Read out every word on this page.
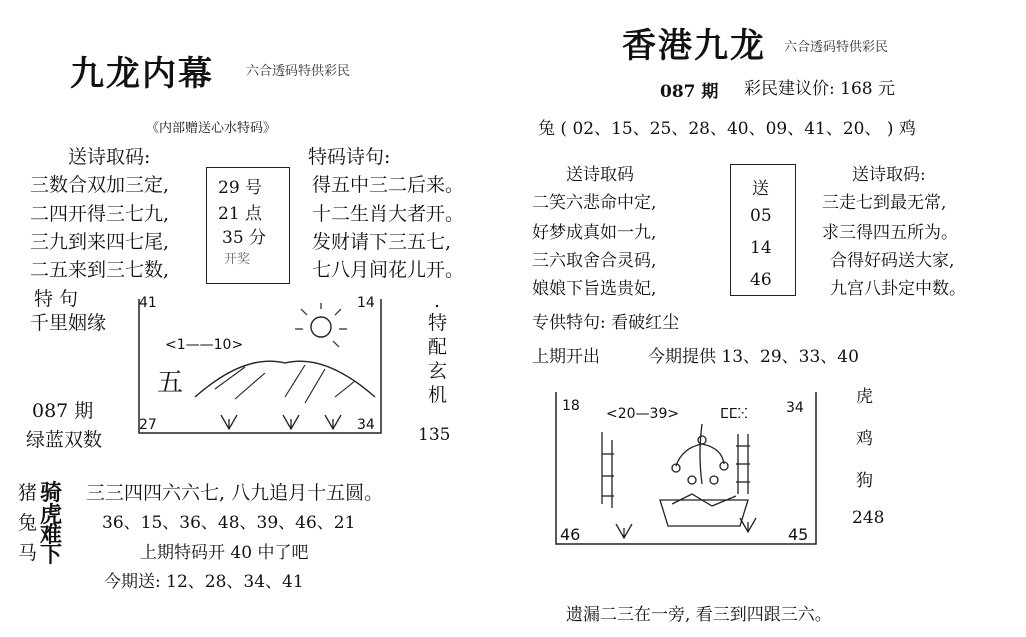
九龙内幕 六合透码特供彩民
《内部赠送心水特码》
送诗取码:
三数合双加三定,
二四开得三七九,
三九到来四七尾,
二五来到三七数,
29 号
21 点
35 分
开奖
特码诗句:
得五中三二后来。
十二生肖大者开。
发财请下三五七,
七八月间花儿开。
特 句
千里姻缘
41	14
<1——10>
五
27	34
.
特
配
玄
机
087 期
绿蓝双数	135
猪
兔
马
骑
虎
难
下
三三四四六六七, 八九追月十五圆。
36、15、36、48、39、46、21
上期特码开 40 中了吧
今期送: 12、28、34、41
香港九龙 六合透码特供彩民
087 期 彩民建议价: 168 元
兔 ( 02、15、25、28、40、09、41、20、 ) 鸡
送诗取码
二笑六悲命中定,
好梦成真如一九,
三六取舍合灵码,
娘娘下旨选贵妃,
送
05
14
46
送诗取码:
三走七到最无常,
求三得四五所为。
合得好码送大家,
九宫八卦定中数。
专供特句: 看破红尘
上期开出	今期提供 13、29、33、40
18 <20—39>	34
ⵎⵎⵘ
46	45
虎
鸡
狗
248
遗漏二三在一旁, 看三到四跟三六。
